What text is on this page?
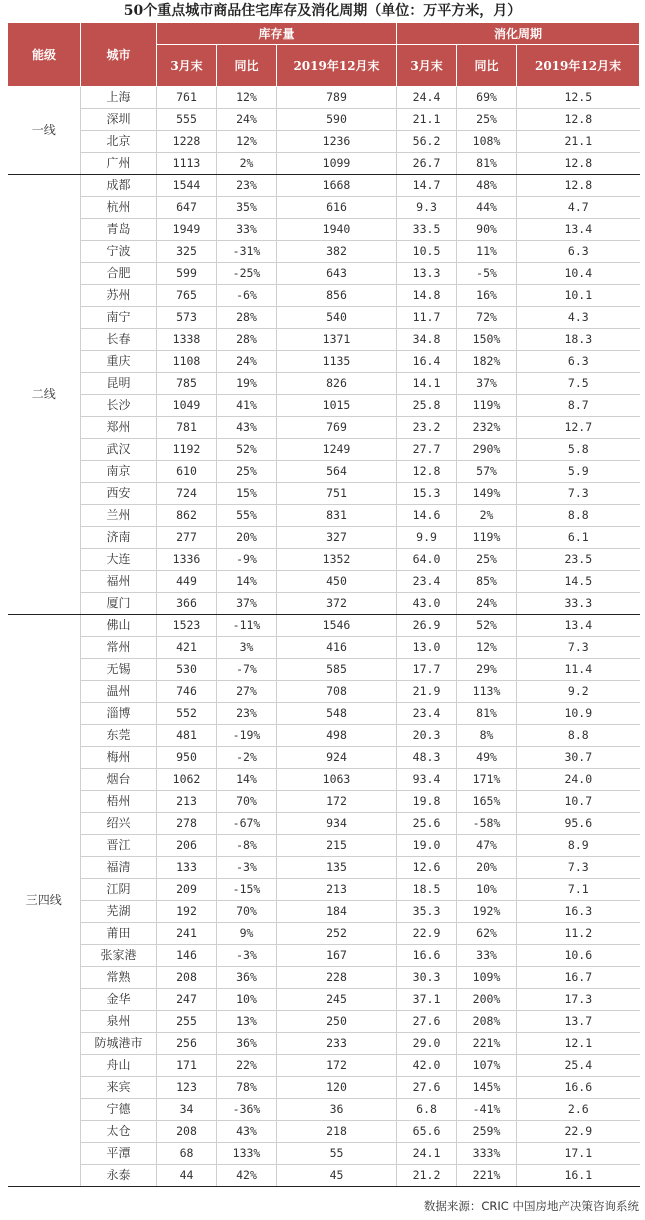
50个重点城市商品住宅库存及消化周期（单位：万平方米，月）
能级	城市	库存量			消化周期		
		3月末	同比	2019年12月末	3月末	同比	2019年12月末
一线	上海	761	12%	789	24.4	69%	12.5
	深圳	555	24%	590	21.1	25%	12.8
	北京	1228	12%	1236	56.2	108%	21.1
	广州	1113	2%	1099	26.7	81%	12.8
二线	成都	1544	23%	1668	14.7	48%	12.8
	杭州	647	35%	616	9.3	44%	4.7
	青岛	1949	33%	1940	33.5	90%	13.4
	宁波	325	-31%	382	10.5	11%	6.3
	合肥	599	-25%	643	13.3	-5%	10.4
	苏州	765	-6%	856	14.8	16%	10.1
	南宁	573	28%	540	11.7	72%	4.3
	长春	1338	28%	1371	34.8	150%	18.3
	重庆	1108	24%	1135	16.4	182%	6.3
	昆明	785	19%	826	14.1	37%	7.5
	长沙	1049	41%	1015	25.8	119%	8.7
	郑州	781	43%	769	23.2	232%	12.7
	武汉	1192	52%	1249	27.7	290%	5.8
	南京	610	25%	564	12.8	57%	5.9
	西安	724	15%	751	15.3	149%	7.3
	兰州	862	55%	831	14.6	2%	8.8
	济南	277	20%	327	9.9	119%	6.1
	大连	1336	-9%	1352	64.0	25%	23.5
	福州	449	14%	450	23.4	85%	14.5
	厦门	366	37%	372	43.0	24%	33.3
三四线	佛山	1523	-11%	1546	26.9	52%	13.4
	常州	421	3%	416	13.0	12%	7.3
	无锡	530	-7%	585	17.7	29%	11.4
	温州	746	27%	708	21.9	113%	9.2
	淄博	552	23%	548	23.4	81%	10.9
	东莞	481	-19%	498	20.3	8%	8.8
	梅州	950	-2%	924	48.3	49%	30.7
	烟台	1062	14%	1063	93.4	171%	24.0
	梧州	213	70%	172	19.8	165%	10.7
	绍兴	278	-67%	934	25.6	-58%	95.6
	晋江	206	-8%	215	19.0	47%	8.9
	福清	133	-3%	135	12.6	20%	7.3
	江阴	209	-15%	213	18.5	10%	7.1
	芜湖	192	70%	184	35.3	192%	16.3
	莆田	241	9%	252	22.9	62%	11.2
	张家港	146	-3%	167	16.6	33%	10.6
	常熟	208	36%	228	30.3	109%	16.7
	金华	247	10%	245	37.1	200%	17.3
	泉州	255	13%	250	27.6	208%	13.7
	防城港市	256	36%	233	29.0	221%	12.1
	舟山	171	22%	172	42.0	107%	25.4
	来宾	123	78%	120	27.6	145%	16.6
	宁德	34	-36%	36	6.8	-41%	2.6
	太仓	208	43%	218	65.6	259%	22.9
	平潭	68	133%	55	24.1	333%	17.1
	永泰	44	42%	45	21.2	221%	16.1
数据来源：CRIC 中国房地产决策咨询系统
